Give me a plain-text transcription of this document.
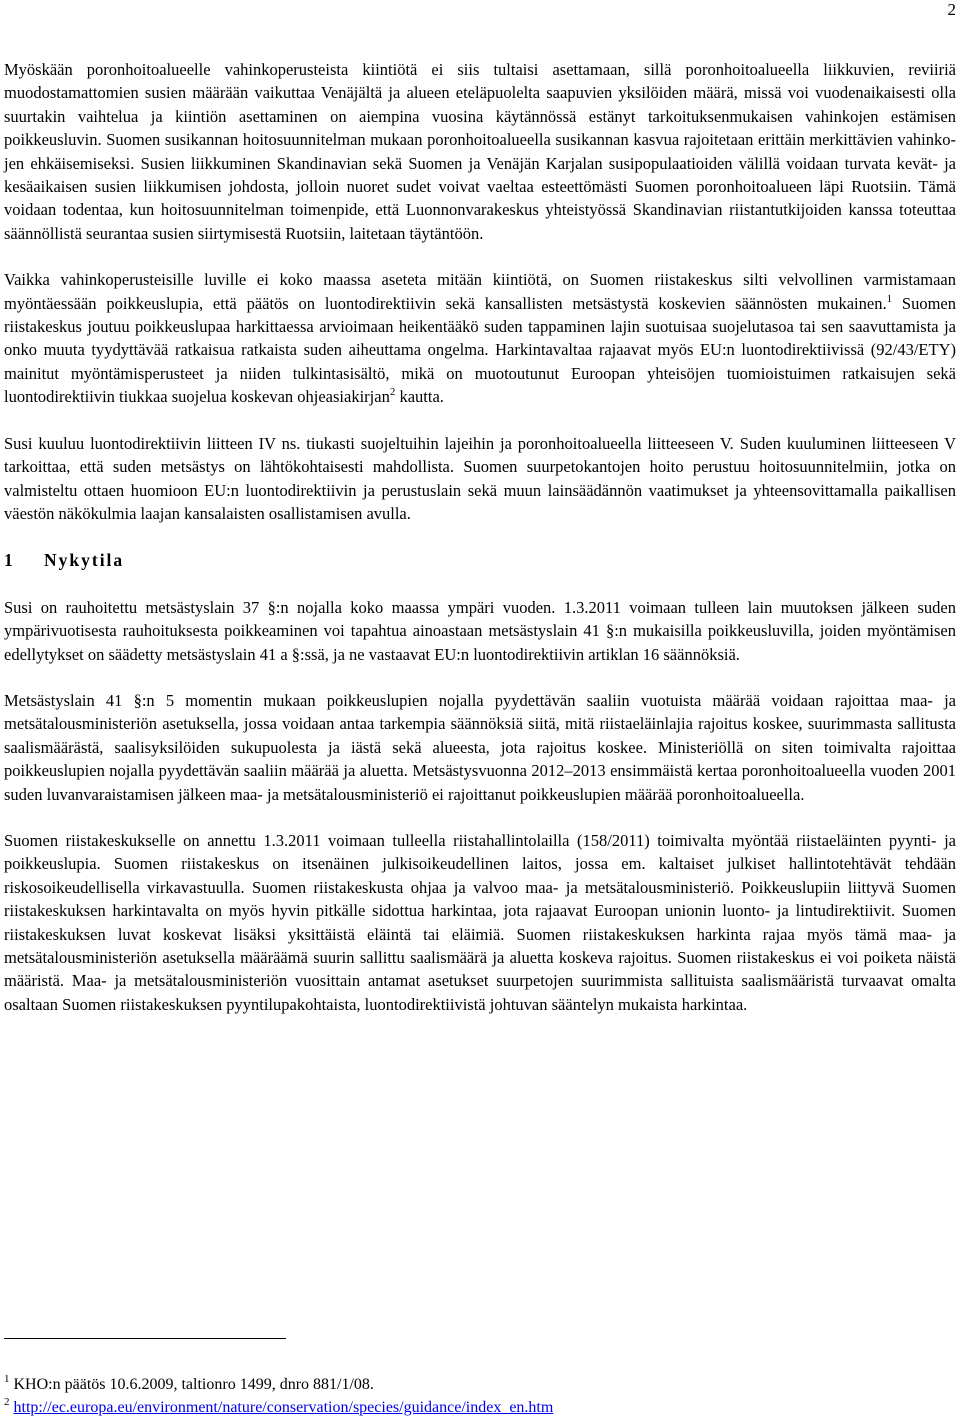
2

Myöskään poronhoitoalueelle vahinkoperusteista kiintiötä ei siis tultaisi asettamaan, sillä poronhoitoalueella liikkuvien, reviiriä muodostamattomien susien määrään vaikuttaa Venäjältä ja alueen eteläpuolelta saapuvien yksilöiden määrä, missä voi vuodenaikaisesti olla suurtakin vaihtelua ja kiintiön asettaminen on aiempina vuosina käytännössä estänyt tarkoituksenmukaisen vahinkojen estämisen poikkeusluvin. Suomen susikannan hoitosuunnitelman mukaan poronhoitoalueella susikannan kasvua rajoitetaan erittäin merkittävien vahinkojen ehkäisemiseksi. Susien liikkuminen Skandinavian sekä Suomen ja Venäjän Karjalan susipopulaatioiden välillä voidaan turvata kevät- ja kesäaikaisen susien liikkumisen johdosta, jolloin nuoret sudet voivat vaeltaa esteettömästi Suomen poronhoitoalueen läpi Ruotsiin. Tämä voidaan todentaa, kun hoitosuunnitelman toimenpide, että Luonnonvarakeskus yhteistyössä Skandinavian riistantutkijoiden kanssa toteuttaa säännöllistä seurantaa susien siirtymisestä Ruotsiin, laitetaan täytäntöön.

Vaikka vahinkoperusteisille luville ei koko maassa aseteta mitään kiintiötä, on Suomen riistakeskus silti velvollinen varmistamaan myöntäessään poikkeuslupia, että päätös on luontodirektiivin sekä kansallisten metsästystä koskevien säännösten mukainen.$^1$ Suomen riistakeskus joutuu poikkeuslupaa harkittaessa arvioimaan heikentääkö suden tappaminen lajin suotuisaa suojelutasoa tai sen saavuttamista ja onko muuta tyydyttävää ratkaisua ratkaista suden aiheuttama ongelma. Harkintavaltaa rajaavat myös EU:n luontodirektiivissä (92/43/ETY) mainitut myöntämisperusteet ja niiden tulkintasisältö, mikä on muotoutunut Euroopan yhteisöjen tuomioistuimen ratkaisujen sekä luontodirektiivin tiukkaa suojelua koskevan ohjeasiakirjan$^2$ kautta.

Susi kuuluu luontodirektiivin liitteen IV ns. tiukasti suojeltuihin lajeihin ja poronhoitoalueella liitteeseen V. Suden kuuluminen liitteeseen V tarkoittaa, että suden metsästys on lähtökohtaisesti mahdollista. Suomen suurpetokantojen hoito perustuu hoitosuunnitelmiin, jotka on valmisteltu ottaen huomioon EU:n luontodirektiivin ja perustuslain sekä muun lainsäädännön vaatimukset ja yhteensovittamalla paikallisen väestön näkökulmia laajan kansalaisten osallistamisen avulla.

1 Nykytila

Susi on rauhoitettu metsästyslain 37 §:n nojalla koko maassa ympäri vuoden. 1.3.2011 voimaan tulleen lain muutoksen jälkeen suden ympärivuotisesta rauhoituksesta poikkeaminen voi tapahtua ainoastaan metsästyslain 41 §:n mukaisilla poikkeusluvilla, joiden myöntämisen edellytykset on säädetty metsästyslain 41 a §:ssä, ja ne vastaavat EU:n luontodirektiivin artiklan 16 säännöksiä.

Metsästyslain 41 §:n 5 momentin mukaan poikkeuslupien nojalla pyydettävän saaliin vuotuista määrää voidaan rajoittaa maa- ja metsätalousministeriön asetuksella, jossa voidaan antaa tarkempia säännöksiä siitä, mitä riistaeläinlajia rajoitus koskee, suurimmasta sallitusta saalismäärästä, saalisyksilöiden sukupuolesta ja iästä sekä alueesta, jota rajoitus koskee. Ministeriöllä on siten toimivalta rajoittaa poikkeuslupien nojalla pyydettävän saaliin määrää ja aluetta. Metsästysvuonna 2012–2013 ensimmäistä kertaa poronhoitoalueella vuoden 2001 suden luvanvaraistamisen jälkeen maa- ja metsätalousministeriö ei rajoittanut poikkeuslupien määrää poronhoitoalueella.

Suomen riistakeskukselle on annettu 1.3.2011 voimaan tulleella riistahallintolailla (158/2011) toimivalta myöntää riistaeläinten pyynti- ja poikkeuslupia. Suomen riistakeskus on itsenäinen julkisoikeudellinen laitos, jossa em. kaltaiset julkiset hallintotehtävät tehdään riskosoikeudellisella virkavastuulla. Suomen riistakeskusta ohjaa ja valvoo maa- ja metsätalousministeriö. Poikkeuslupiin liittyvä Suomen riistakeskuksen harkintavalta on myös hyvin pitkälle sidottua harkintaa, jota rajaavat Euroopan unionin luonto- ja lintudirektiivit. Suomen riistakeskuksen luvat koskevat lisäksi yksittäistä eläintä tai eläimiä. Suomen riistakeskuksen harkinta rajaa myös tämä maa- ja metsätalousministeriön asetuksella määräämä suurin sallittu saalismäärä ja aluetta koskeva rajoitus. Suomen riistakeskus ei voi poiketa näistä määristä. Maa- ja metsätalousministeriön vuosittain antamat asetukset suurpetojen suurimmista sallituista saalismääristä turvaavat omalta osaltaan Suomen riistakeskuksen pyyntilupakohtaista, luontodirektiivistä johtuvan sääntelyn mukaista harkintaa.

$^1$ KHO:n päätös 10.6.2009, taltionro 1499, dnro 881/1/08.

$^2$ http://ec.europa.eu/environment/nature/conservation/species/guidance/index_en.htm
